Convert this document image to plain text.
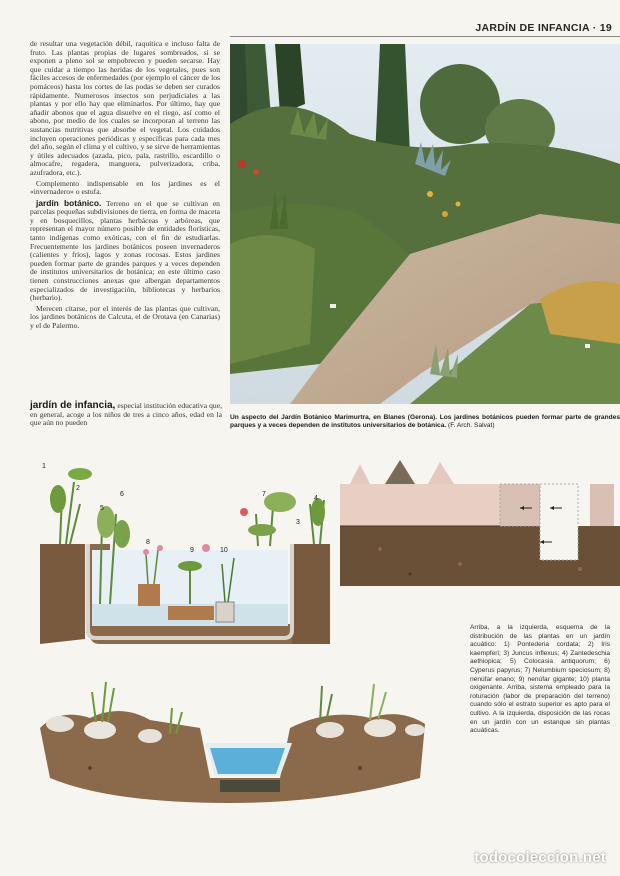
JARDÍN DE INFANCIA · 19

de resultar una vegetación débil, raquítica e incluso falta de fruto. Las plantas propias de lugares sombreados, si se exponen a pleno sol se empobrecen y pueden secarse. Hay que cuidar a tiempo las heridas de los vegetales, pues son fáciles accesos de enfermedades (por ejemplo el cáncer de los pomáceos) hasta los cortes de las podas se deben ser curados rápidamente. Numerosos insectos son perjudiciales a las plantas y por ello hay que eliminarlos. Por último, hay que añadir abonos que el agua disuelve en el riego, así como el abono, por medio de los cuales se incorporan al terreno las sustancias nutritivas que absorbe el vegetal. Los cuidados incluyen operaciones periódicas y específicas para cada mes del año, según el clima y el cultivo, y se sirve de herramientas y útiles adecuados (azada, pico, pala, rastrillo, escardillo o almocafre, regadera, manguera, pulverizadora, criba, azufradora, etc.).

Complemento indispensable en los jardines es el «invernadero» o estufa.

jardín botánico. Terreno en el que se cultivan en parcelas pequeñas subdivisiones de tierra, en forma de maceta y en bosquecillos, plantas herbáceas y arbóreas, que representan el mayor número posible de entidades florísticas, tanto indígenas como exóticas, con el fin de estudiarlas. Frecuentemente los jardines botánicos poseen invernaderos (calientes y fríos), lagos y zonas rocosas. Estos jardines pueden formar parte de grandes parques y a veces dependen de institutos universitarios de botánica; en este último caso tienen construcciones anexas que albergan departamentos especializados de investigación, bibliotecas y herbarios (herbario).

Merecen citarse, por el interés de las plantas que cultivan, los jardines botánicos de Calcuta, el de Orotava (en Canarias) y el de Palermo.

jardín de infancia, especial institución educativa que, en general, acoge a los niños de tres a cinco años, edad en la que aún no pueden
Un aspecto del Jardín Botánico Marimurtra, en Blanes (Gerona). Los jardines botánicos pueden formar parte de grandes parques y a veces dependen de institutos universitarios de botánica. (F. Arch. Salvat)
1
2
3
4
5
6	7
8
9	10
Arriba, a la izquierda, esquema de la distribución de las plantas en un jardín acuático: 1) Pontederia cordata; 2) Iris kaempferi; 3) Juncus inflexus; 4) Zantedeschia aethiopica; 5) Colocasia antiquorum; 6) Cyperus papyrus; 7) Nelumbium speciosum; 8) nenúfar enano; 9) nenúfar gigante; 10) planta oxigenante. Arriba, sistema empleado para la roturación (labor de preparación del terreno) cuando sólo el estrato superior es apto para el cultivo. A la izquierda, disposición de las rocas en un jardín con un estanque sin plantas acuáticas.
todocoleccion.net
